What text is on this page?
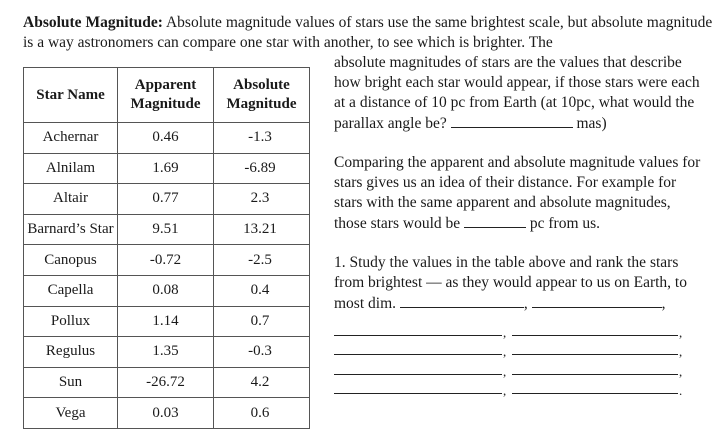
Absolute Magnitude: Absolute magnitude values of stars use the same brightest scale, but absolute magnitude is a way astronomers can compare one star with another, to see which is brighter. The
Star Name	Apparent Magnitude	Absolute Magnitude
Achernar	0.46	-1.3
Alnilam	1.69	-6.89
Altair	0.77	2.3
Barnard’s Star	9.51	13.21
Canopus	-0.72	-2.5
Capella	0.08	0.4
Pollux	1.14	0.7
Regulus	1.35	-0.3
Sun	-26.72	4.2
Vega	0.03	0.6
absolute magnitudes of stars are the values that describe how bright each star would appear, if those stars were each at a distance of 10 pc from Earth (at 10pc, what would the parallax angle be?	mas)
Comparing the apparent and absolute magnitude values for stars gives us an idea of their distance. For example for stars with the same apparent and absolute magnitudes, those stars would be	pc from us.
1. Study the values in the table above and rank the stars from brightest — as they would appear to us on Earth, to most dim.	,	,
,	,
,	,
,	,
,	.
